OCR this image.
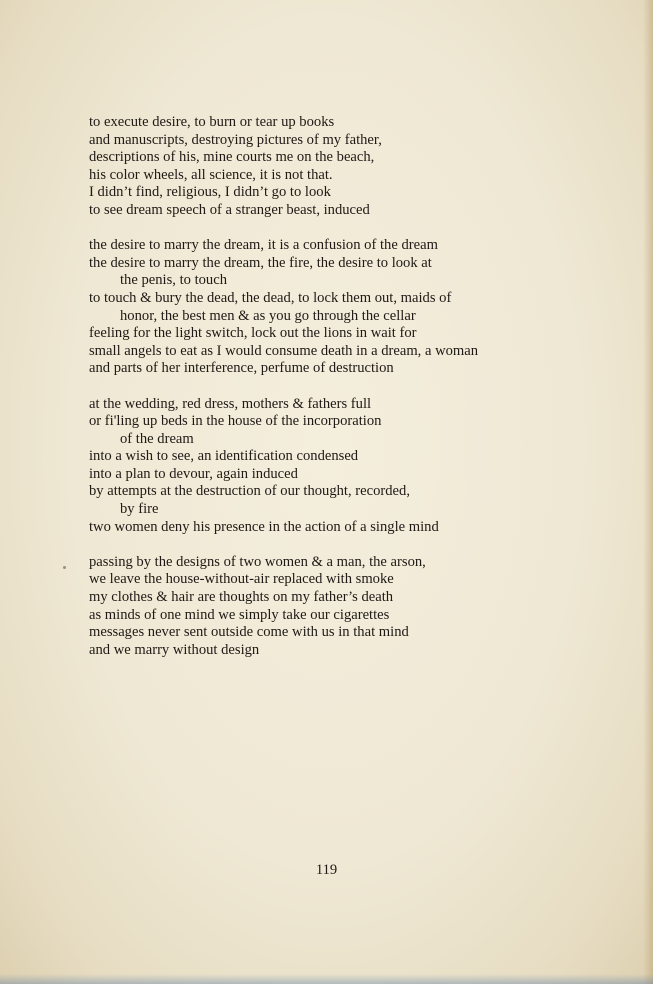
to execute desire, to burn or tear up books
and manuscripts, destroying pictures of my father,
descriptions of his, mine courts me on the beach,
his color wheels, all science, it is not that.
I didn’t find, religious, I didn’t go to look
to see dream speech of a stranger beast, induced
the desire to marry the dream, it is a confusion of the dream
the desire to marry the dream, the fire, the desire to look at
the penis, to touch
to touch & bury the dead, the dead, to lock them out, maids of
honor, the best men & as you go through the cellar
feeling for the light switch, lock out the lions in wait for
small angels to eat as I would consume death in a dream, a woman
and parts of her interference, perfume of destruction
at the wedding, red dress, mothers & fathers full
or fi'ling up beds in the house of the incorporation
of the dream
into a wish to see, an identification condensed
into a plan to devour, again induced
by attempts at the destruction of our thought, recorded,
by fire
two women deny his presence in the action of a single mind
passing by the designs of two women & a man, the arson,
we leave the house-without-air replaced with smoke
my clothes & hair are thoughts on my father’s death
as minds of one mind we simply take our cigarettes
messages never sent outside come with us in that mind
and we marry without design
119
